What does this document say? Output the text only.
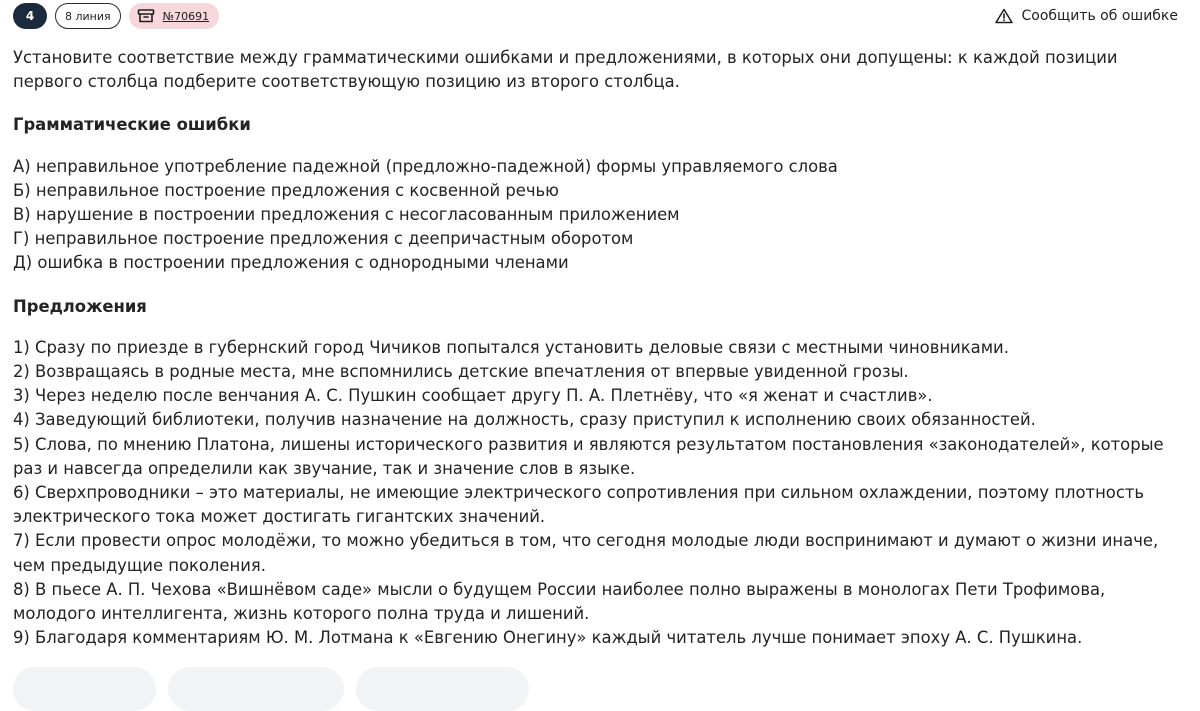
4	8 линия	№70691	Сообщить об ошибке

Установите соответствие между грамматическими ошибками и предложениями, в которых они допущены: к каждой позиции первого столбца подберите соответствующую позицию из второго столбца.

Грамматические ошибки

А) неправильное употребление падежной (предложно-падежной) формы управляемого слова

Б) неправильное построение предложения с косвенной речью

В) нарушение в построении предложения с несогласованным приложением

Г) неправильное построение предложения с деепричастным оборотом

Д) ошибка в построении предложения с однородными членами

Предложения

1) Сразу по приезде в губернский город Чичиков попытался установить деловые связи с местными чиновниками.

2) Возвращаясь в родные места, мне вспомнились детские впечатления от впервые увиденной грозы.

3) Через неделю после венчания А. С. Пушкин сообщает другу П. А. Плетнёву, что «я женат и счастлив».

4) Заведующий библиотеки, получив назначение на должность, сразу приступил к исполнению своих обязанностей.

5) Слова, по мнению Платона, лишены исторического развития и являются результатом постановления «законодателей», которые раз и навсегда определили как звучание, так и значение слов в языке.

6) Сверхпроводники – это материалы, не имеющие электрического сопротивления при сильном охлаждении, поэтому плотность электрического тока может достигать гигантских значений.

7) Если провести опрос молодёжи, то можно убедиться в том, что сегодня молодые люди воспринимают и думают о жизни иначе, чем предыдущие поколения.

8) В пьесе А. П. Чехова «Вишнёвом саде» мысли о будущем России наиболее полно выражены в монологах Пети Трофимова, молодого интеллигента, жизнь которого полна труда и лишений.

9) Благодаря комментариям Ю. М. Лотмана к «Евгению Онегину» каждый читатель лучше понимает эпоху А. С. Пушкина.
